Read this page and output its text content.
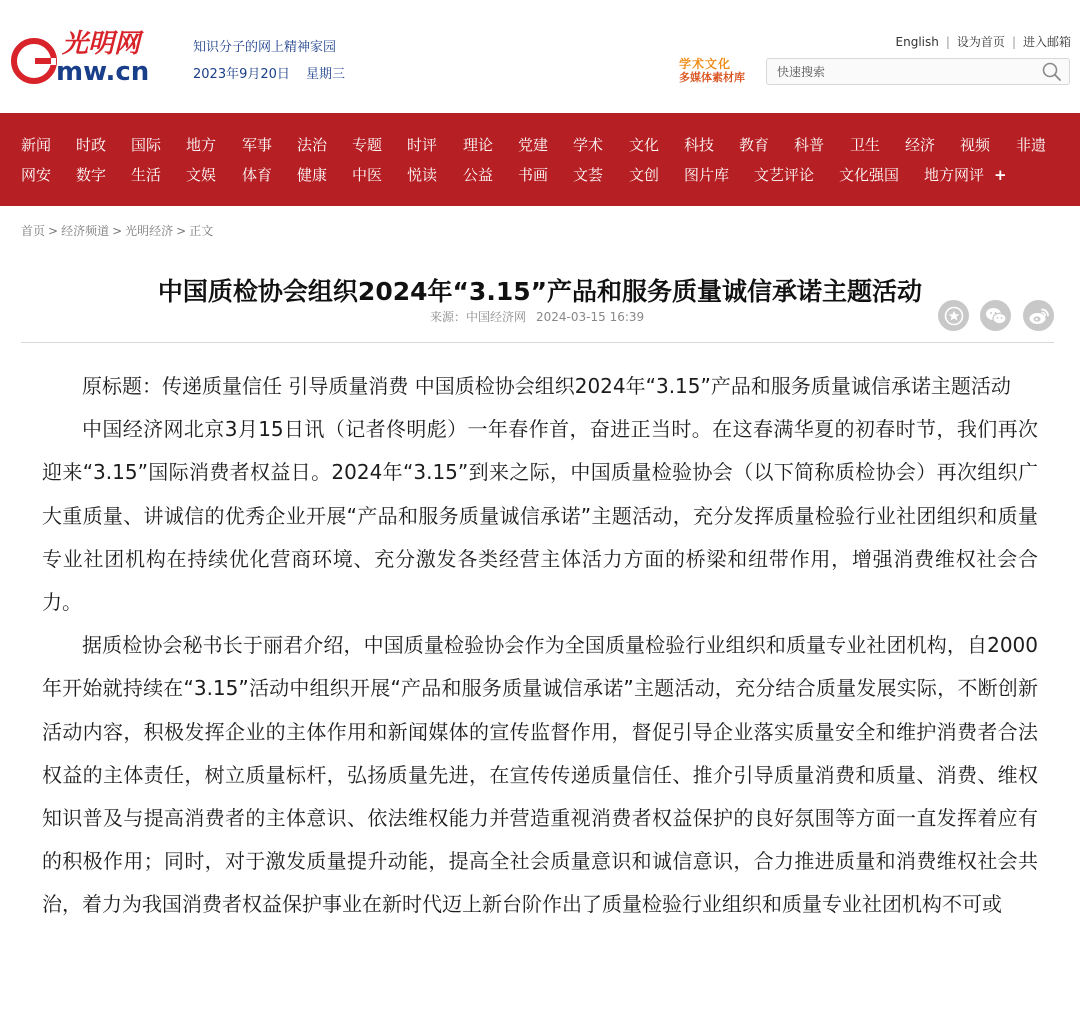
光明网
mw.cn
知识分子的网上精神家园
2023年9月20日 星期三
English | 设为首页 | 进入邮箱
学术文化
多媒体素材库
快速搜索
新闻 时政 国际 地方 军事 法治 专题 时评 理论 党建 学术 文化 科技 教育 科普 卫生 经济 视频 非遗
网安 数字 生活 文娱 体育 健康 中医 悦读 公益 书画 文荟 文创 图片库 文艺评论 文化强国 地方网评 +
首页 > 经济频道 > 光明经济 > 正文
中国质检协会组织2024年“3.15”产品和服务质量诚信承诺主题活动
来源：中国经济网 2024-03-15 16:39

原标题：传递质量信任 引导质量消费 中国质检协会组织2024年“3.15”产品和服务质量诚信承诺主题活动

中国经济网北京3月15日讯（记者佟明彪）一年春作首，奋进正当时。在这春满华夏的初春时节，我们再次迎来“3.15”国际消费者权益日。2024年“3.15”到来之际，中国质量检验协会（以下简称质检协会）再次组织广大重质量、讲诚信的优秀企业开展“产品和服务质量诚信承诺”主题活动，充分发挥质量检验行业社团组织和质量专业社团机构在持续优化营商环境、充分激发各类经营主体活力方面的桥梁和纽带作用，增强消费维权社会合力。

据质检协会秘书长于丽君介绍，中国质量检验协会作为全国质量检验行业组织和质量专业社团机构，自2000年开始就持续在“3.15”活动中组织开展“产品和服务质量诚信承诺”主题活动，充分结合质量发展实际，不断创新活动内容，积极发挥企业的主体作用和新闻媒体的宣传监督作用，督促引导企业落实质量安全和维护消费者合法权益的主体责任，树立质量标杆，弘扬质量先进，在宣传传递质量信任、推介引导质量消费和质量、消费、维权知识普及与提高消费者的主体意识、依法维权能力并营造重视消费者权益保护的良好氛围等方面一直发挥着应有的积极作用；同时，对于激发质量提升动能，提高全社会质量意识和诚信意识，合力推进质量和消费维权社会共治，着力为我国消费者权益保护事业在新时代迈上新台阶作出了质量检验行业组织和质量专业社团机构不可或
